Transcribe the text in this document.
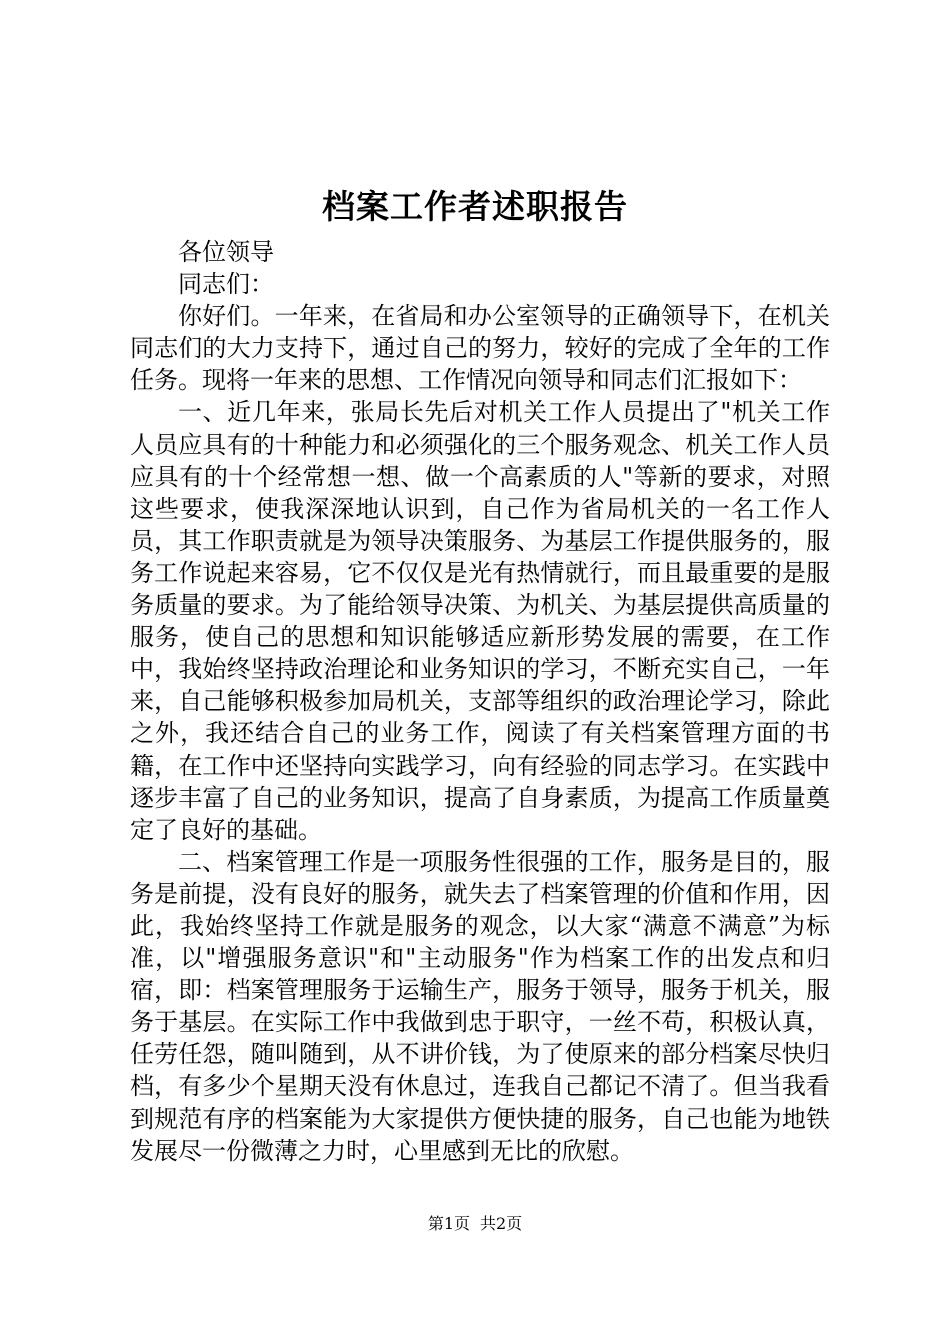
档案工作者述职报告

各位领导

同志们：

你好们。一年来，在省局和办公室领导的正确领导下，在机关同志们的大力支持下，通过自己的努力，较好的完成了全年的工作任务。现将一年来的思想、工作情况向领导和同志们汇报如下：

一、近几年来，张局长先后对机关工作人员提出了"机关工作人员应具有的十种能力和必须强化的三个服务观念、机关工作人员应具有的十个经常想一想、做一个高素质的人"等新的要求，对照这些要求，使我深深地认识到，自己作为省局机关的一名工作人员，其工作职责就是为领导决策服务、为基层工作提供服务的，服务工作说起来容易，它不仅仅是光有热情就行，而且最重要的是服务质量的要求。为了能给领导决策、为机关、为基层提供高质量的服务，使自己的思想和知识能够适应新形势发展的需要，在工作中，我始终坚持政治理论和业务知识的学习，不断充实自己，一年来，自己能够积极参加局机关，支部等组织的政治理论学习，除此之外，我还结合自己的业务工作，阅读了有关档案管理方面的书籍，在工作中还坚持向实践学习，向有经验的同志学习。在实践中逐步丰富了自己的业务知识，提高了自身素质，为提高工作质量奠定了良好的基础。

二、档案管理工作是一项服务性很强的工作，服务是目的，服务是前提，没有良好的服务，就失去了档案管理的价值和作用，因此，我始终坚持工作就是服务的观念，以大家“满意不满意”为标准，以"增强服务意识"和"主动服务"作为档案工作的出发点和归宿，即：档案管理服务于运输生产，服务于领导，服务于机关，服务于基层。在实际工作中我做到忠于职守，一丝不苟，积极认真，任劳任怨，随叫随到，从不讲价钱，为了使原来的部分档案尽快归档，有多少个星期天没有休息过，连我自己都记不清了。但当我看到规范有序的档案能为大家提供方便快捷的服务，自己也能为地铁发展尽一份微薄之力时，心里感到无比的欣慰。

第1页 共2页
